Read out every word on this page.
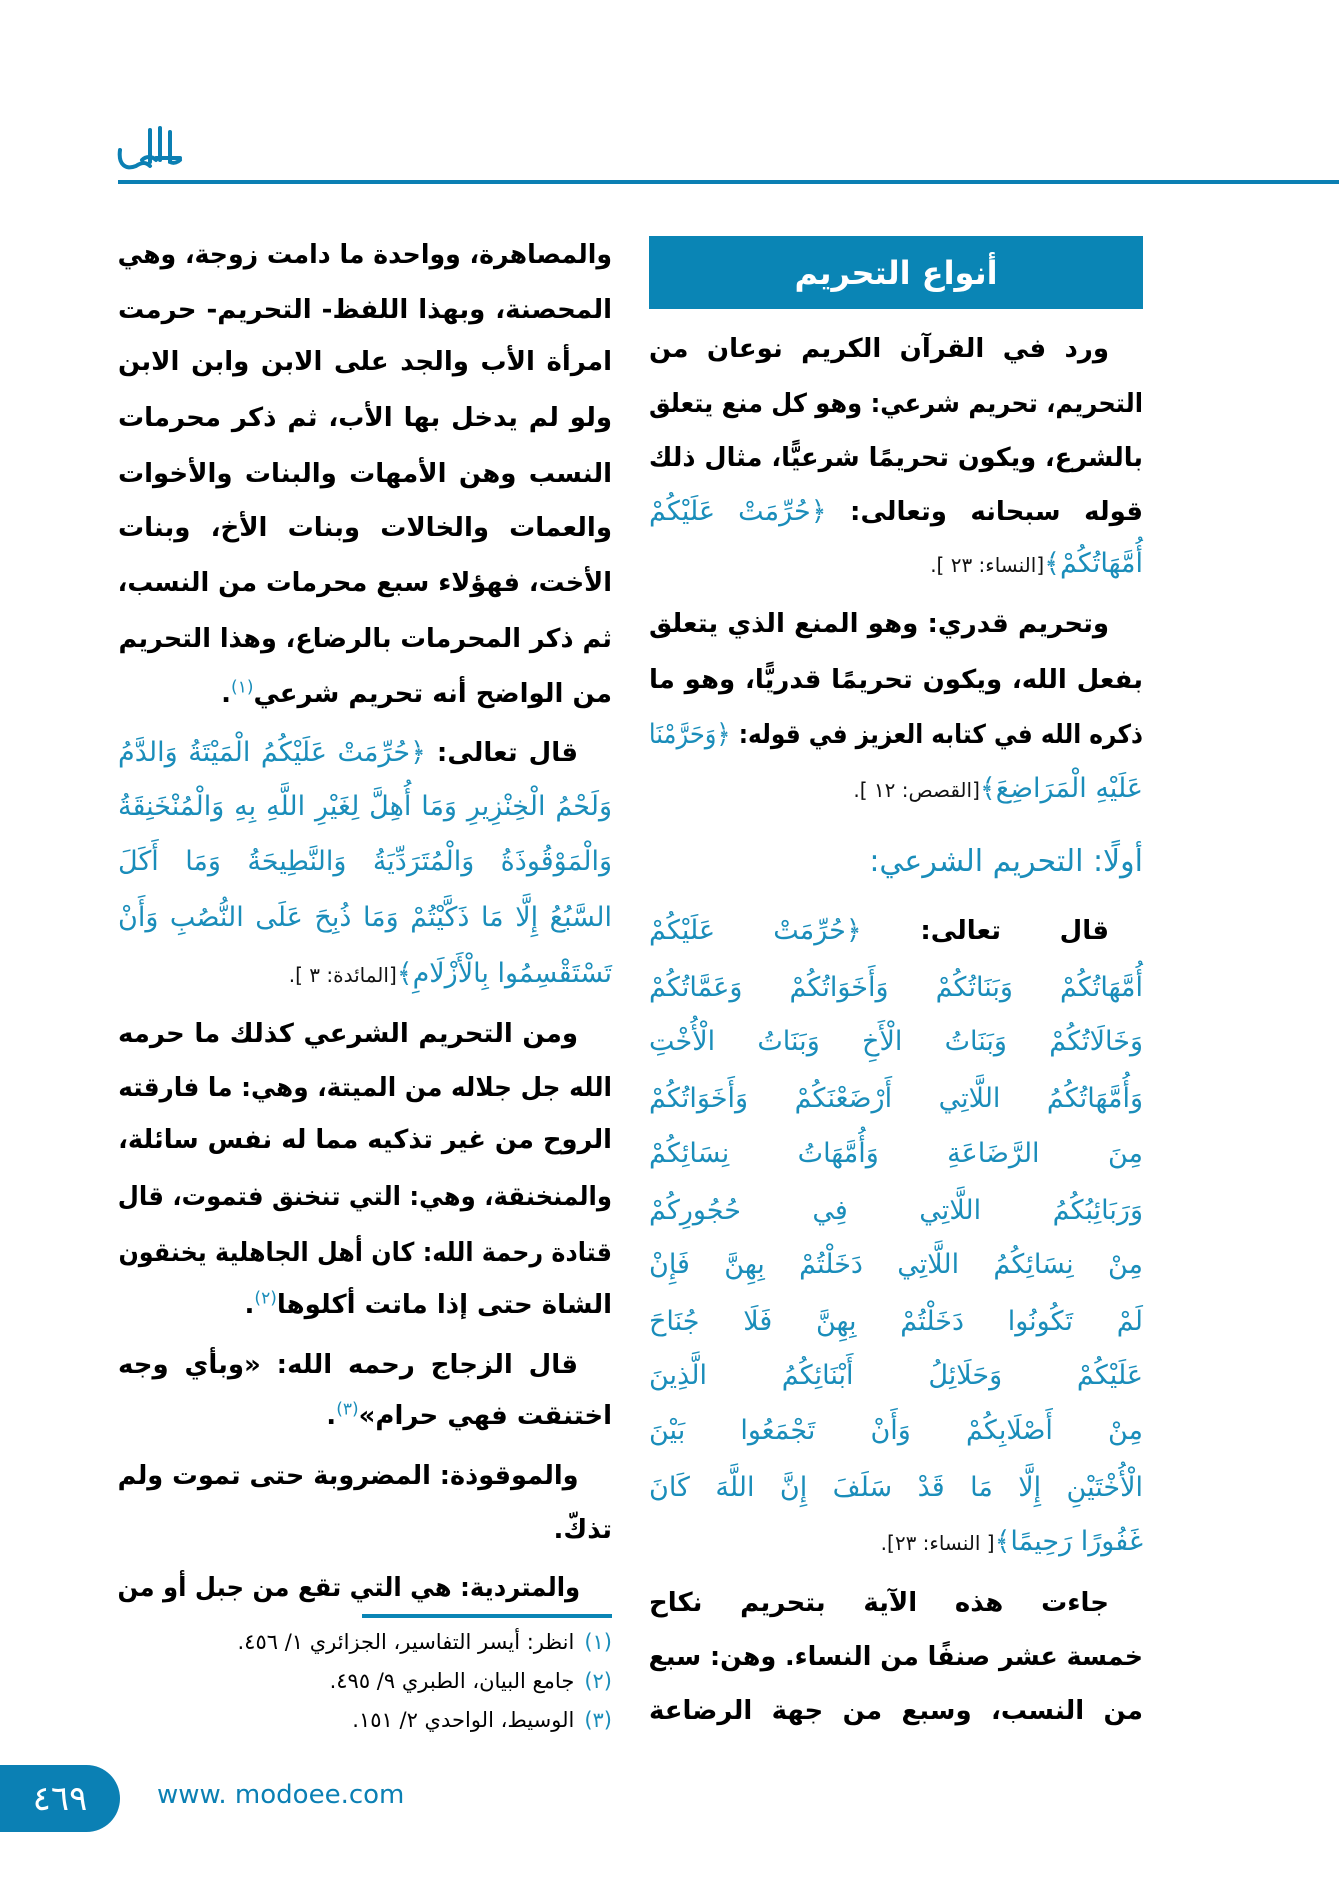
أنواع التحريم
ورد في القرآن الكريم نوعان من
التحريم، تحريم شرعي: وهو كل منع يتعلق
بالشرع، ويكون تحريمًا شرعيًّا، مثال ذلك
قوله سبحانه وتعالى: ﴿حُرِّمَتْ عَلَيْكُمْ
أُمَّهَاتُكُمْ﴾[النساء: ٢٣ ].
وتحريم قدري: وهو المنع الذي يتعلق
بفعل الله، ويكون تحريمًا قدريًّا، وهو ما
ذكره الله في كتابه العزيز في قوله: ﴿وَحَرَّمْنَا
عَلَيْهِ الْمَرَاضِعَ﴾[القصص: ١٢ ].
أولًا: التحريم الشرعي:
قال تعالى: ﴿حُرِّمَتْ عَلَيْكُمْ
أُمَّهَاتُكُمْ وَبَنَاتُكُمْ وَأَخَوَاتُكُمْ وَعَمَّاتُكُمْ
وَخَالَاتُكُمْ وَبَنَاتُ الْأَخِ وَبَنَاتُ الْأُخْتِ
وَأُمَّهَاتُكُمُ اللَّاتِي أَرْضَعْنَكُمْ وَأَخَوَاتُكُمْ
مِنَ الرَّضَاعَةِ وَأُمَّهَاتُ نِسَائِكُمْ
وَرَبَائِبُكُمُ اللَّاتِي فِي حُجُورِكُمْ
مِنْ نِسَائِكُمُ اللَّاتِي دَخَلْتُمْ بِهِنَّ فَإِنْ
لَمْ تَكُونُوا دَخَلْتُمْ بِهِنَّ فَلَا جُنَاحَ
عَلَيْكُمْ وَحَلَائِلُ أَبْنَائِكُمُ الَّذِينَ
مِنْ أَصْلَابِكُمْ وَأَنْ تَجْمَعُوا بَيْنَ
الْأُخْتَيْنِ إِلَّا مَا قَدْ سَلَفَ إِنَّ اللَّهَ كَانَ
غَفُورًا رَحِيمًا﴾[ النساء: ٢٣].
جاءت هذه الآية بتحريم نكاح
خمسة عشر صنفًا من النساء. وهن: سبع
من النسب، وسبع من جهة الرضاعة
والمصاهرة، وواحدة ما دامت زوجة، وهي
المحصنة، وبهذا اللفظ- التحريم- حرمت
امرأة الأب والجد على الابن وابن الابن
ولو لم يدخل بها الأب، ثم ذكر محرمات
النسب وهن الأمهات والبنات والأخوات
والعمات والخالات وبنات الأخ، وبنات
الأخت، فهؤلاء سبع محرمات من النسب،
ثم ذكر المحرمات بالرضاع، وهذا التحريم
من الواضح أنه تحريم شرعي$^{(١)}$.
قال تعالى: ﴿حُرِّمَتْ عَلَيْكُمُ الْمَيْتَةُ وَالدَّمُ
وَلَحْمُ الْخِنْزِيرِ وَمَا أُهِلَّ لِغَيْرِ اللَّهِ بِهِ وَالْمُنْخَنِقَةُ
وَالْمَوْقُوذَةُ وَالْمُتَرَدِّيَةُ وَالنَّطِيحَةُ وَمَا أَكَلَ
السَّبُعُ إِلَّا مَا ذَكَّيْتُمْ وَمَا ذُبِحَ عَلَى النُّصُبِ وَأَنْ
تَسْتَقْسِمُوا بِالْأَزْلَامِ﴾[المائدة: ٣ ].
ومن التحريم الشرعي كذلك ما حرمه
الله جل جلاله من الميتة، وهي: ما فارقته
الروح من غير تذكيه مما له نفس سائلة،
والمنخنقة، وهي: التي تنخنق فتموت، قال
قتادة رحمة الله: كان أهل الجاهلية يخنقون
الشاة حتى إذا ماتت أكلوها$^{(٢)}$.
قال الزجاج رحمه الله: «وبأي وجه
اختنقت فهي حرام»$^{(٣)}$.
والموقوذة: المضروبة حتى تموت ولم
تذكّ.
والمتردية: هي التي تقع من جبل أو من
(١)انظر: أيسر التفاسير، الجزائري ١/ ٤٥٦.
(٢)جامع البيان، الطبري ٩/ ٤٩٥.
(٣)الوسيط، الواحدي ٢/ ١٥١.
٤٦٩	www. modoee.com
